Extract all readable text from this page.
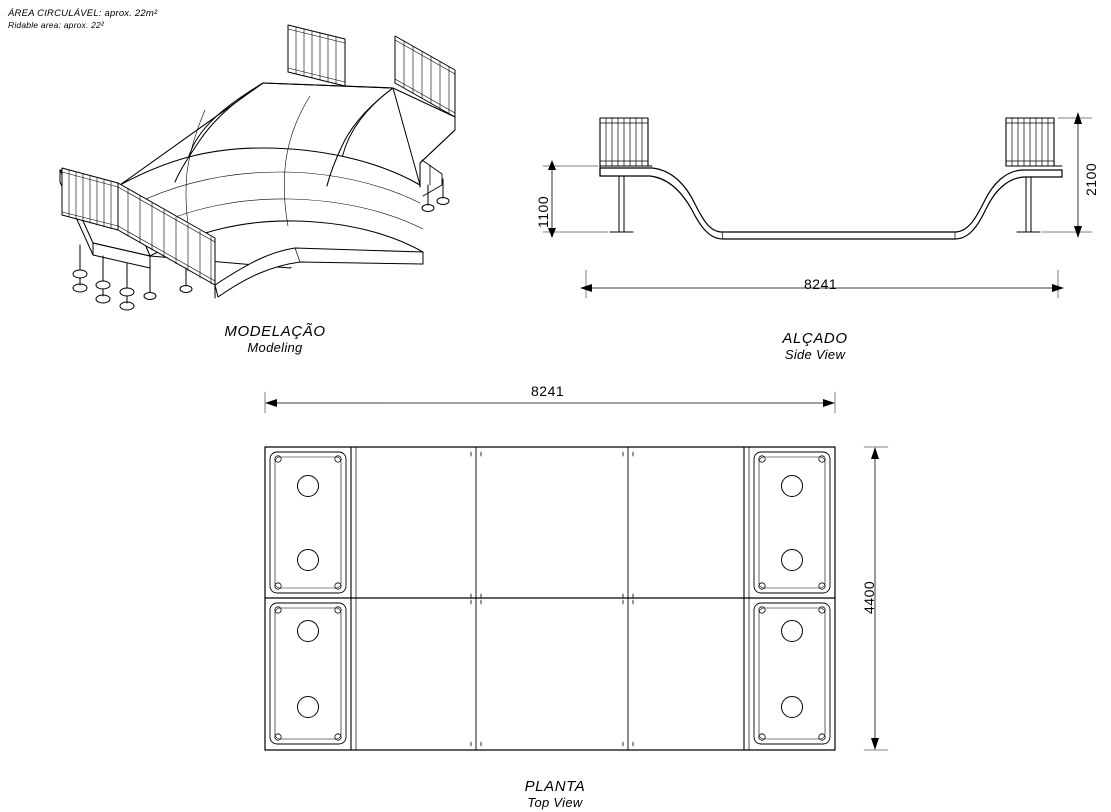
ÁREA CIRCULÁVEL: aprox. 22m²
Ridable area: aprox. 22²
MODELAÇÃO
Modeling
ALÇADO
Side View
PLANTA
Top View
8241
8241
1100
2100
4400
